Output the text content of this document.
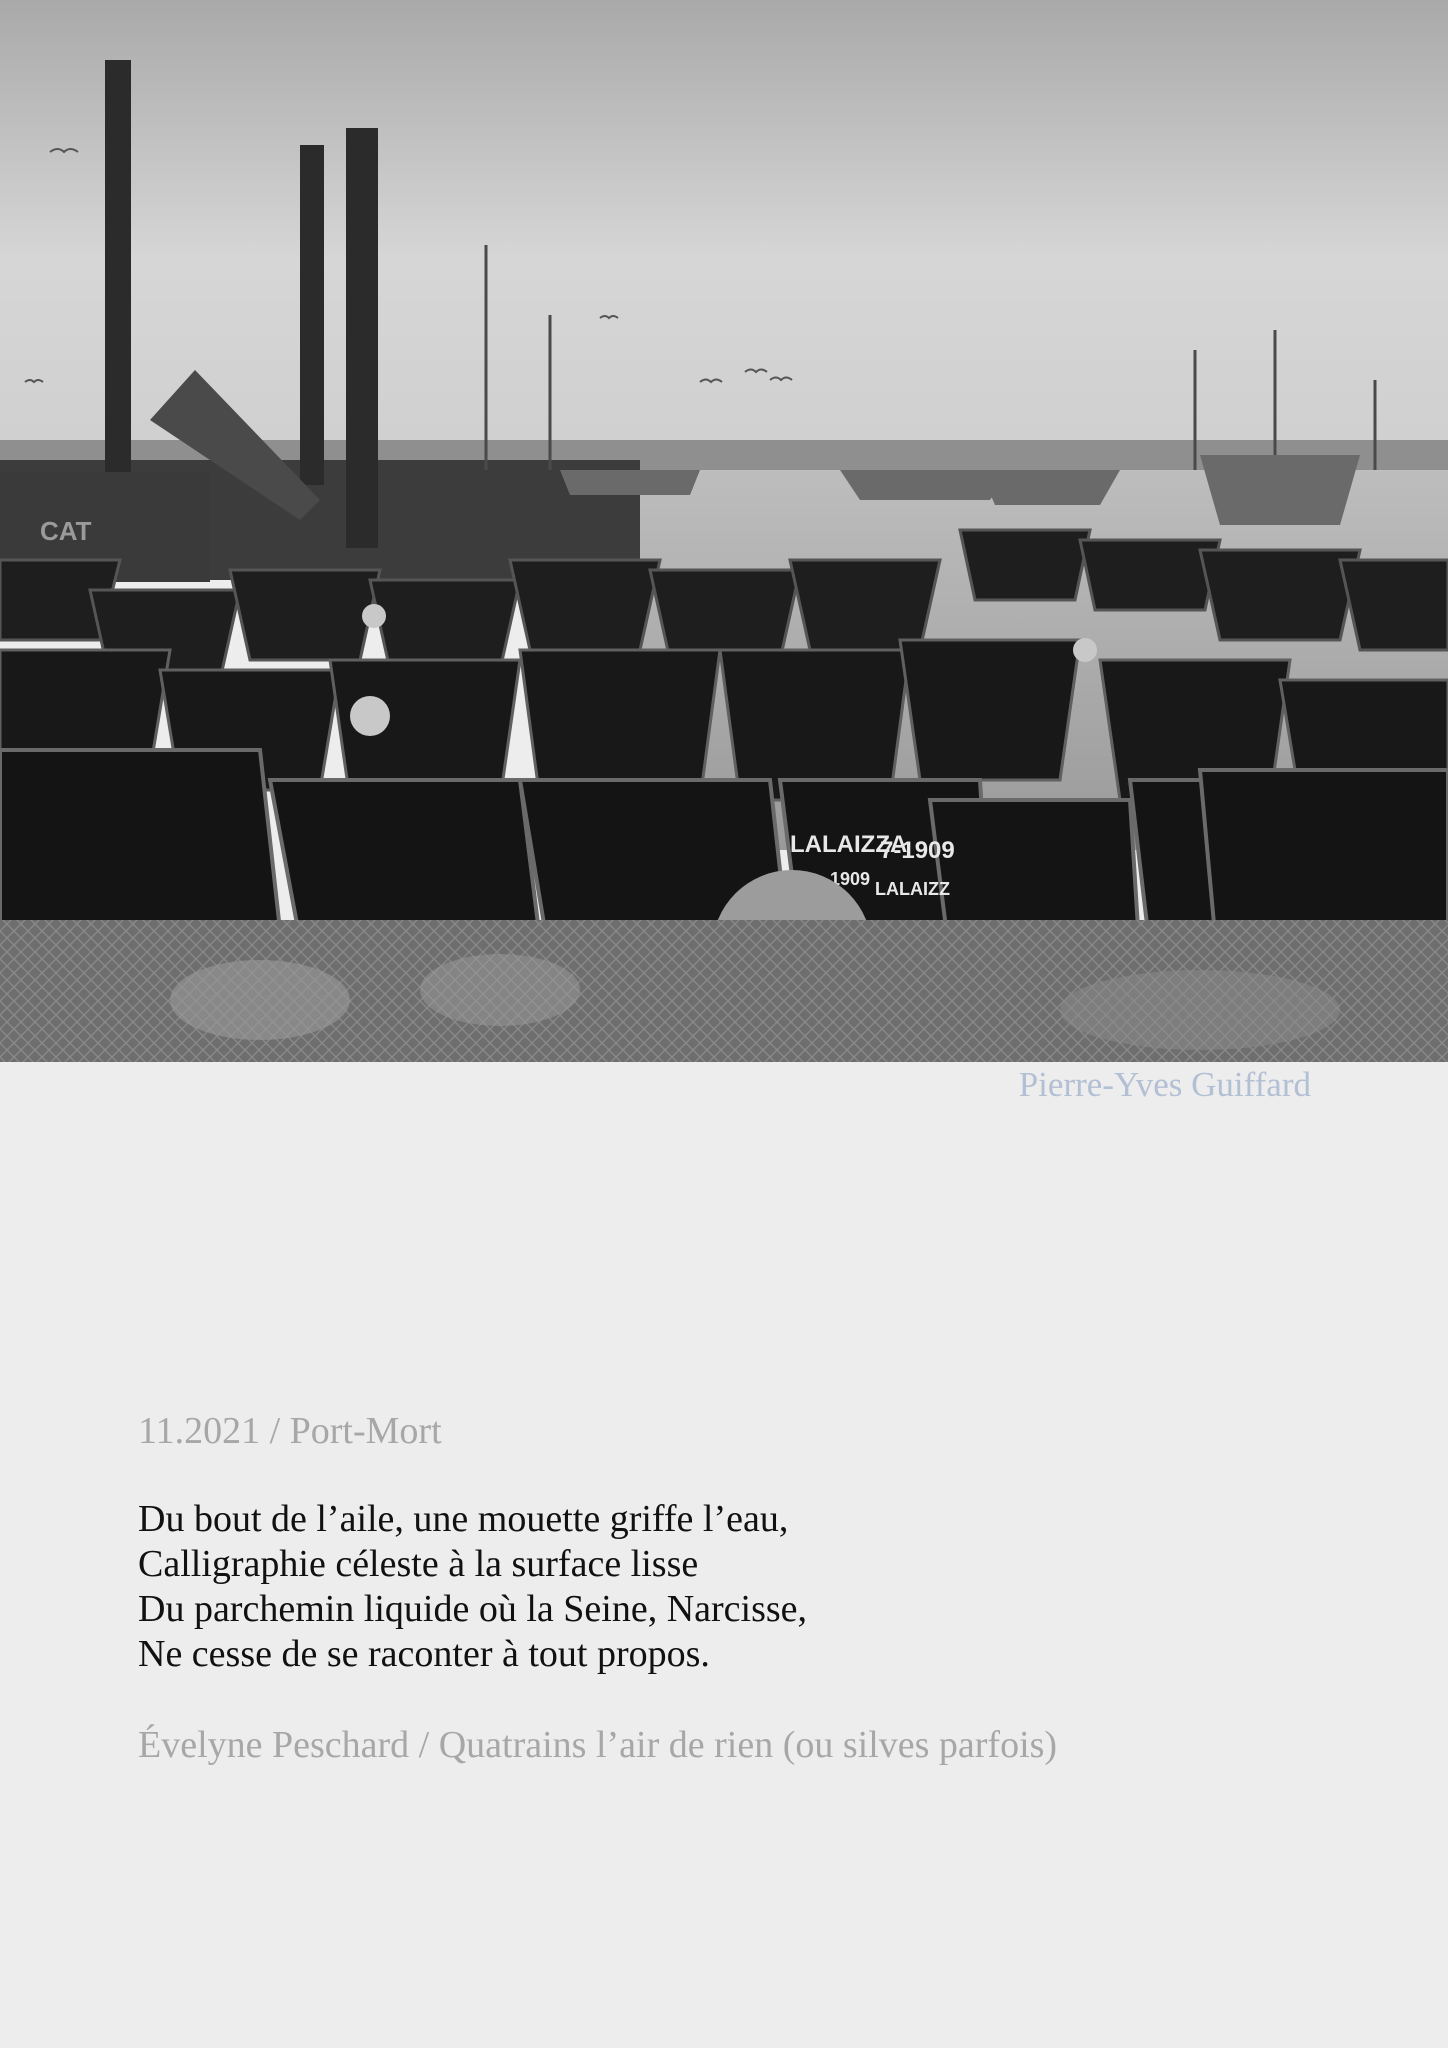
CAT
LALAIZZA
7-1909
1909 LALAIZZ
Pierre-Yves Guiffard
11.2021 / Port-Mort
Du bout de l’aile, une mouette griffe l’eau,
Calligraphie céleste à la surface lisse
Du parchemin liquide où la Seine, Narcisse,
Ne cesse de se raconter à tout propos.
Évelyne Peschard / Quatrains l’air de rien (ou silves parfois)
